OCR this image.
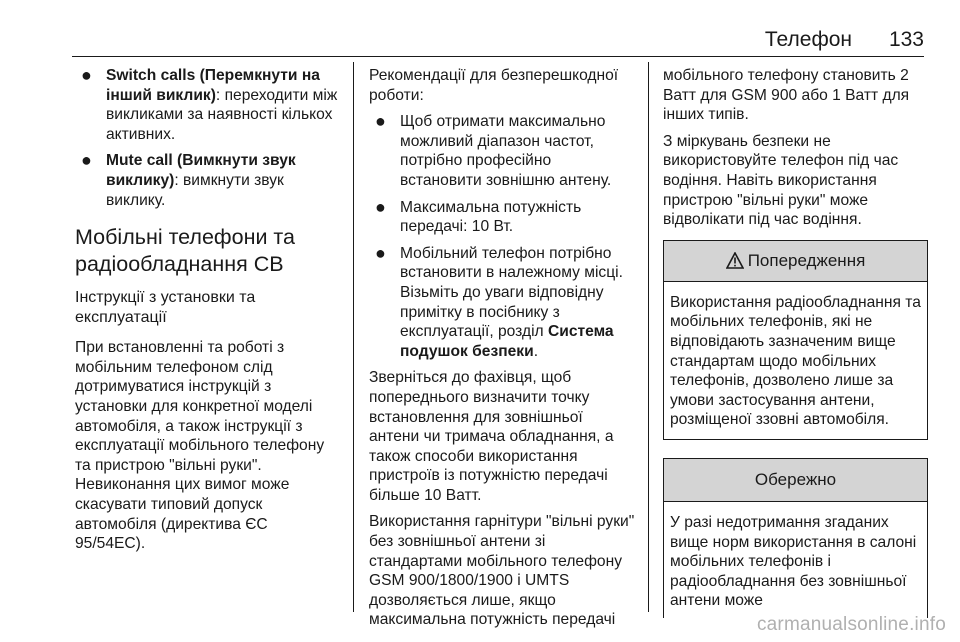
Телефон 133
● Switch calls (Перемкнути на інший виклик): переходити між викликами за наявності кількох активних.
● Mute call (Вимкнути звук виклику): вимкнути звук виклику.
Мобільні телефони та радіообладнання СВ
Інструкції з установки та експлуатації

При встановленні та роботі з мобільним телефоном слід дотримуватися інструкцій з установки для конкретної моделі автомобіля, а також інструкції з експлуатації мобільного телефону та пристрою "вільні руки". Невиконання цих вимог може скасувати типовий допуск автомобіля (директива ЄС 95/54ЕС).

Рекомендації для безперешкодної роботи:

● Щоб отримати максимально можливий діапазон частот, потрібно професійно встановити зовнішню антену.
● Максимальна потужність передачі: 10 Вт.
● Мобільний телефон потрібно встановити в належному місці. Візьміть до уваги відповідну примітку в посібнику з експлуатації, розділ Система подушок безпеки.

Зверніться до фахівця, щоб попереднього визначити точку встановлення для зовнішньої антени чи тримача обладнання, а також способи використання пристроїв із потужністю передачі більше 10 Ватт.

Використання гарнітури "вільні руки" без зовнішньої антени зі стандартами мобільного телефону GSM 900/1800/1900 і UMTS дозволяється лише, якщо максимальна потужність передачі

мобільного телефону становить 2 Ватт для GSM 900 або 1 Ватт для інших типів.

З міркувань безпеки не використовуйте телефон під час водіння. Навіть використання пристрою "вільні руки" може відволікати під час водіння.

Попередження
Використання радіообладнання та мобільних телефонів, які не відповідають зазначеним вище стандартам щодо мобільних телефонів, дозволено лише за умови застосування антени, розміщеної ззовні автомобіля.
Обережно
У разі недотримання згаданих вище норм використання в салоні мобільних телефонів і радіообладнання без зовнішньої антени може
carmanualsonline.info
